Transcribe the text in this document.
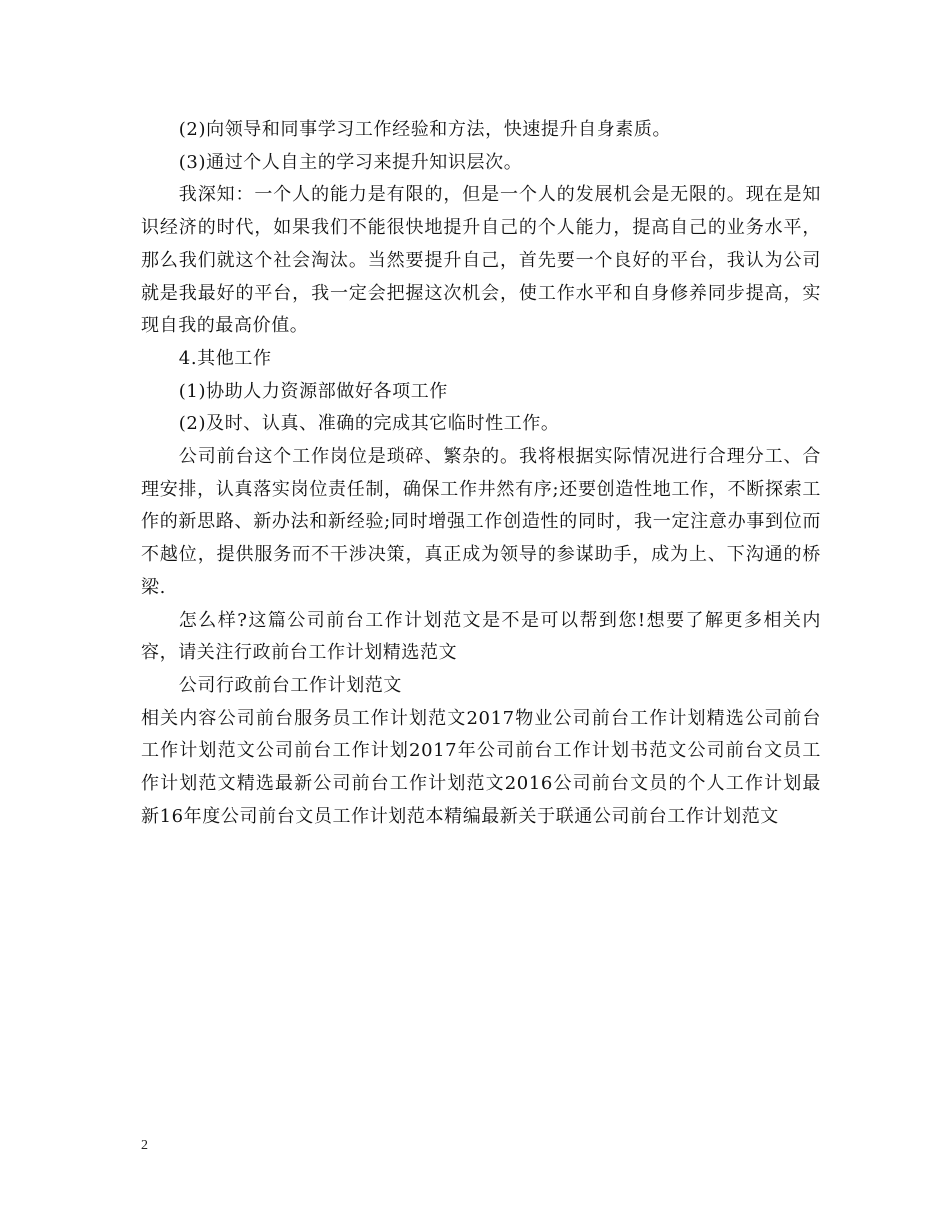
(2)向领导和同事学习工作经验和方法，快速提升自身素质。

(3)通过个人自主的学习来提升知识层次。

我深知：一个人的能力是有限的，但是一个人的发展机会是无限的。现在是知识经济的时代，如果我们不能很快地提升自己的个人能力，提高自己的业务水平，那么我们就这个社会淘汰。当然要提升自己，首先要一个良好的平台，我认为公司就是我最好的平台，我一定会把握这次机会，使工作水平和自身修养同步提高，实现自我的最高价值。

4.其他工作

(1)协助人力资源部做好各项工作

(2)及时、认真、准确的完成其它临时性工作。

公司前台这个工作岗位是琐碎、繁杂的。我将根据实际情况进行合理分工、合理安排，认真落实岗位责任制，确保工作井然有序;还要创造性地工作，不断探索工作的新思路、新办法和新经验;同时增强工作创造性的同时，我一定注意办事到位而不越位，提供服务而不干涉决策，真正成为领导的参谋助手，成为上、下沟通的桥梁.

怎么样?这篇公司前台工作计划范文是不是可以帮到您!想要了解更多相关内容，请关注行政前台工作计划精选范文

公司行政前台工作计划范文

相关内容公司前台服务员工作计划范文2017物业公司前台工作计划精选公司前台工作计划范文公司前台工作计划2017年公司前台工作计划书范文公司前台文员工作计划范文精选最新公司前台工作计划范文2016公司前台文员的个人工作计划最新16年度公司前台文员工作计划范本精编最新关于联通公司前台工作计划范文

2
